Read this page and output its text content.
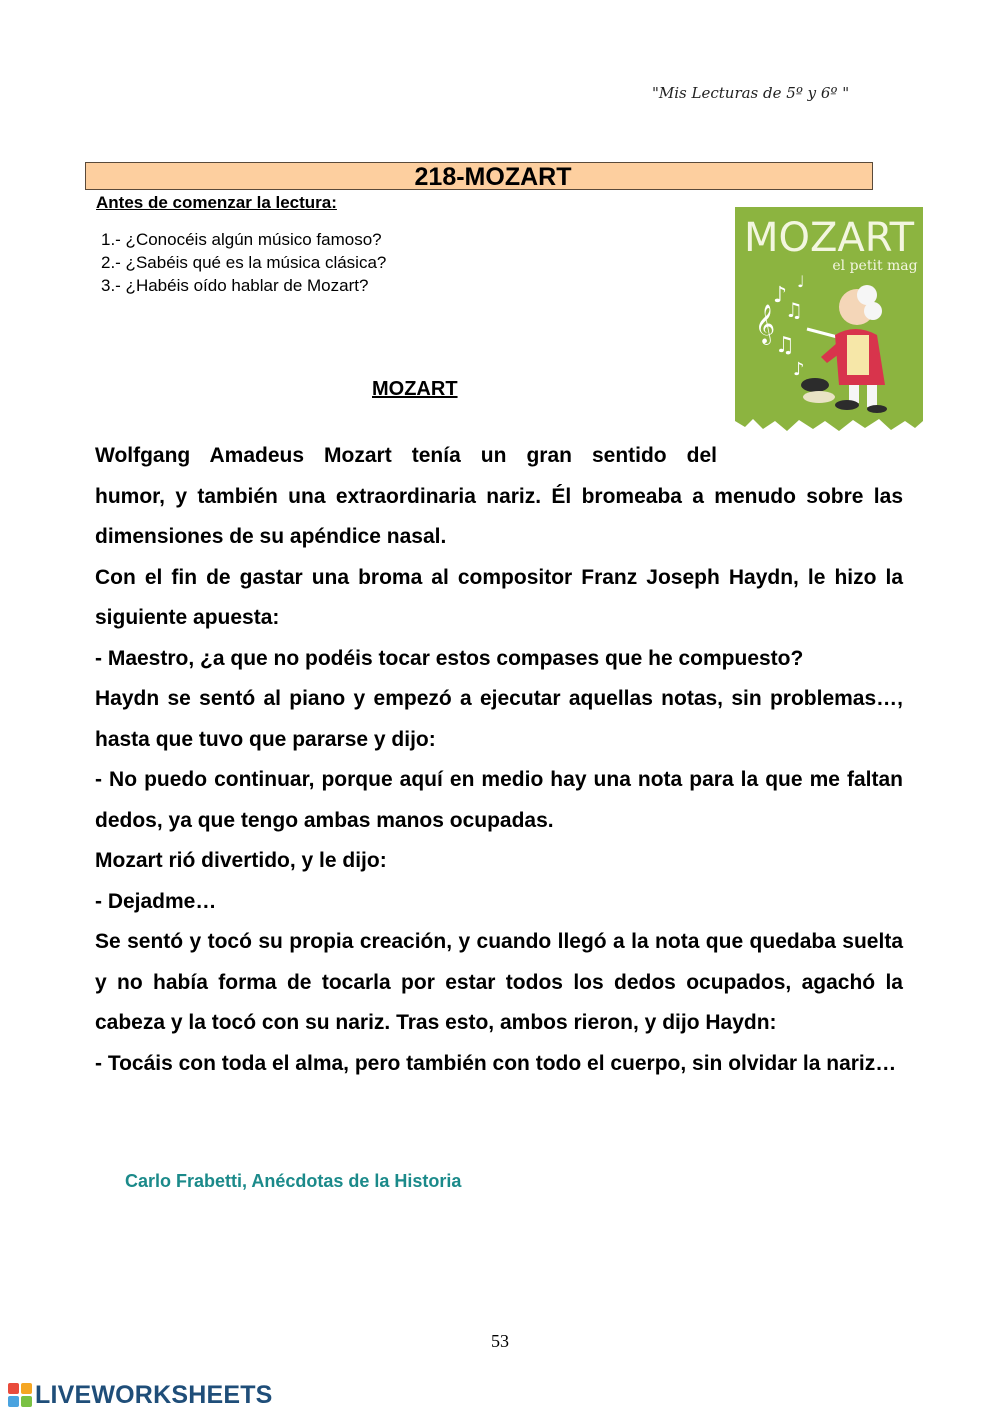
"Mis Lecturas de 5º y 6º "
218-MOZART
Antes de comenzar la lectura:
1.- ¿Conocéis algún músico famoso?
2.- ¿Sabéis qué es la música clásica?
3.- ¿Habéis oído hablar de Mozart?
MOZART
el petit mag
𝄞
♪
♫
♫
♪
♩
MOZART

Wolfgang Amadeus Mozart tenía un gran sentido del

humor, y también una extraordinaria nariz. Él bromeaba a menudo sobre las dimensiones de su apéndice nasal.

Con el fin de gastar una broma al compositor Franz Joseph Haydn, le hizo la siguiente apuesta:

- Maestro, ¿a que no podéis tocar estos compases que he compuesto?

Haydn se sentó al piano y empezó a ejecutar aquellas notas, sin problemas…, hasta que tuvo que pararse y dijo:

- No puedo continuar, porque aquí en medio hay una nota para la que me faltan dedos, ya que tengo ambas manos ocupadas.

Mozart rió divertido, y le dijo:

- Dejadme…

Se sentó y tocó su propia creación, y cuando llegó a la nota que quedaba suelta y no había forma de tocarla por estar todos los dedos ocupados, agachó la cabeza y la tocó con su nariz. Tras esto, ambos rieron, y dijo Haydn:

- Tocáis con toda el alma, pero también con todo el cuerpo, sin olvidar la nariz…

Carlo Frabetti, Anécdotas de la Historia
53
LIVEWORKSHEETS
